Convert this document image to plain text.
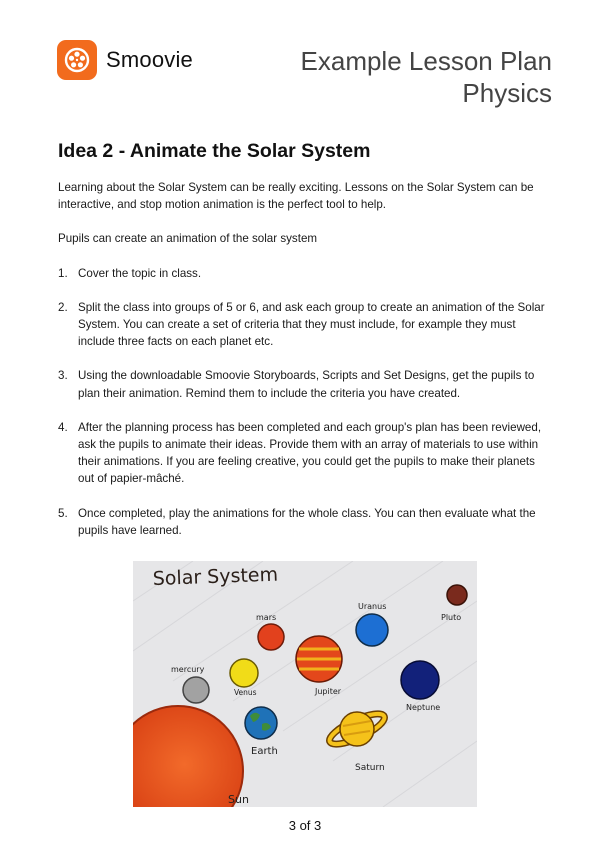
Smoovie	Example Lesson Plan
Physics
Idea 2 - Animate the Solar System

Learning about the Solar System can be really exciting. Lessons on the Solar System can be interactive, and stop motion animation is the perfect tool to help.

Pupils can create an animation of the solar system

1. Cover the topic in class.
2. Split the class into groups of 5 or 6, and ask each group to create an animation of the Solar System. You can create a set of criteria that they must include, for example they must include three facts on each planet etc.
3. Using the downloadable Smoovie Storyboards, Scripts and Set Designs, get the pupils to plan their animation. Remind them to include the criteria you have created.
4. After the planning process has been completed and each group's plan has been reviewed, ask the pupils to animate their ideas. Provide them with an array of materials to use within their animations. If you are feeling creative, you could get the pupils to make their planets out of papier-mâché.
5. Once completed, play the animations for the whole class. You can then evaluate what the pupils have learned.
Solar System
Sun
mercury
mars
Venus
Earth
Jupiter
Uranus
Pluto
Neptune
Saturn
3 of 3
